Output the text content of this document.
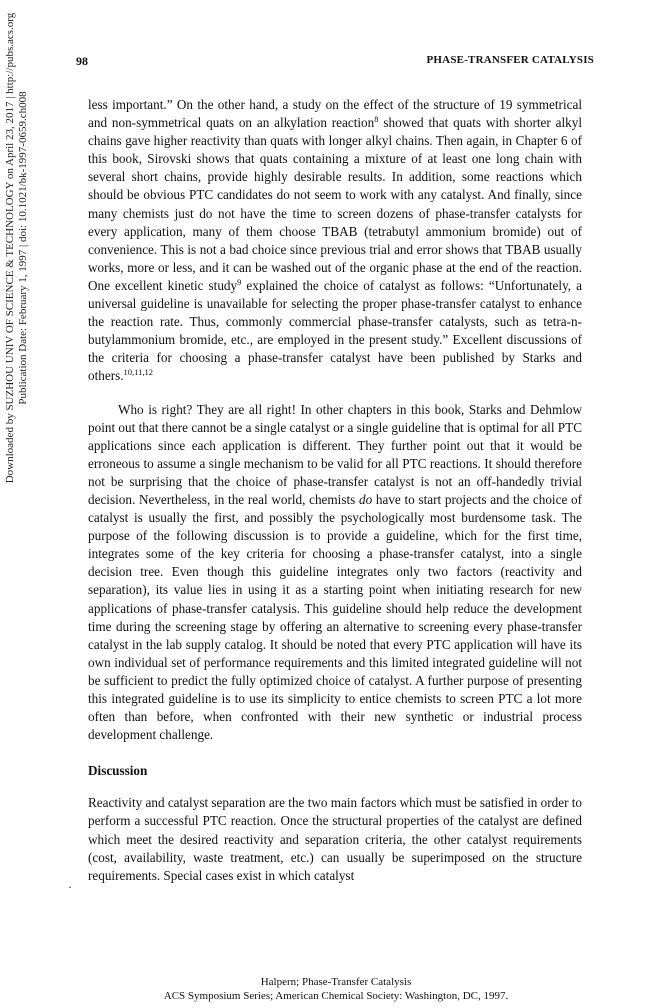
98	PHASE-TRANSFER CATALYSIS
Downloaded by SUZHOU UNIV OF SCIENCE & TECHNOLOGY on April 23, 2017 | http://pubs.acs.org Publication Date: February 1, 1997 | doi: 10.1021/bk-1997-0659.ch008	less important.” On the other hand, a study on the effect of the structure of 19 symmetrical and non-symmetrical quats on an alkylation reaction$^8$ showed that quats with shorter alkyl chains gave higher reactivity than quats with longer alkyl chains. Then again, in Chapter 6 of this book, Sirovski shows that quats containing a mixture of at least one long chain with several short chains, provide highly desirable results. In addition, some reactions which should be obvious PTC candidates do not seem to work with any catalyst. And finally, since many chemists just do not have the time to screen dozens of phase-transfer catalysts for every application, many of them choose TBAB (tetrabutyl ammonium bromide) out of convenience. This is not a bad choice since previous trial and error shows that TBAB usually works, more or less, and it can be washed out of the organic phase at the end of the reaction. One excellent kinetic study$^9$ explained the choice of catalyst as follows: “Unfortunately, a universal guideline is unavailable for selecting the proper phase-transfer catalyst to enhance the reaction rate. Thus, commonly commercial phase-transfer catalysts, such as tetra-n-butylammonium bromide, etc., are employed in the present study.” Excellent discussions of the criteria for choosing a phase-transfer catalyst have been published by Starks and others.$^{10,11,12}$

Who is right? They are all right! In other chapters in this book, Starks and Dehmlow point out that there cannot be a single catalyst or a single guideline that is optimal for all PTC applications since each application is different. They further point out that it would be erroneous to assume a single mechanism to be valid for all PTC reactions. It should therefore not be surprising that the choice of phase-transfer catalyst is not an off-handedly trivial decision. Nevertheless, in the real world, chemists do have to start projects and the choice of catalyst is usually the first, and possibly the psychologically most burdensome task. The purpose of the following discussion is to provide a guideline, which for the first time, integrates some of the key criteria for choosing a phase-transfer catalyst, into a single decision tree. Even though this guideline integrates only two factors (reactivity and separation), its value lies in using it as a starting point when initiating research for new applications of phase-transfer catalysis. This guideline should help reduce the development time during the screening stage by offering an alternative to screening every phase-transfer catalyst in the lab supply catalog. It should be noted that every PTC application will have its own individual set of performance requirements and this limited integrated guideline will not be sufficient to predict the fully optimized choice of catalyst. A further purpose of presenting this integrated guideline is to use its simplicity to entice chemists to screen PTC a lot more often than before, when confronted with their new synthetic or industrial process development challenge.

Discussion

Reactivity and catalyst separation are the two main factors which must be satisfied in order to perform a successful PTC reaction. Once the structural properties of the catalyst are defined which meet the desired reactivity and separation criteria, the other catalyst requirements (cost, availability, waste treatment, etc.) can usually be superimposed on the structure requirements. Special cases exist in which catalyst

·
Halpern; Phase-Transfer Catalysis
ACS Symposium Series; American Chemical Society: Washington, DC, 1997.
